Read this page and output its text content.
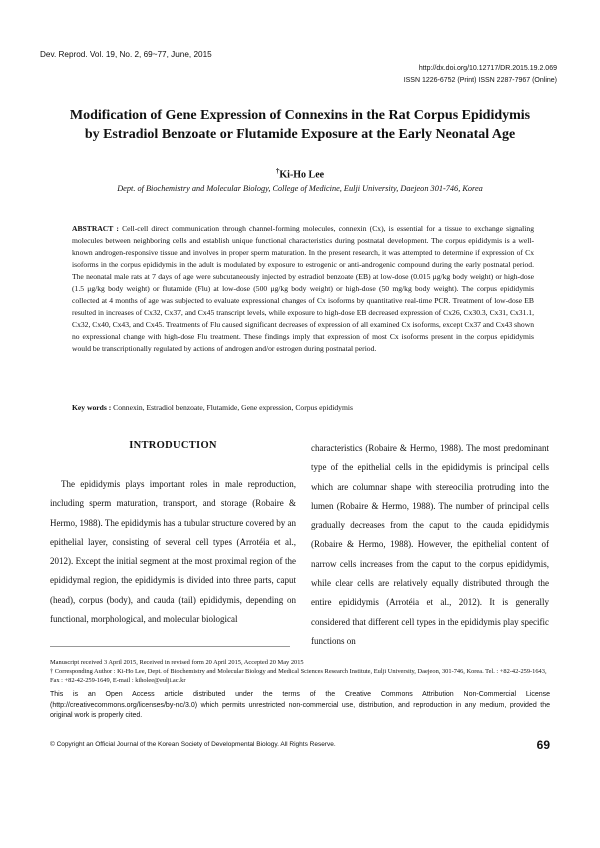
Dev. Reprod. Vol. 19, No. 2, 69~77, June, 2015
http://dx.doi.org/10.12717/DR.2015.19.2.069
ISSN 1226-6752 (Print) ISSN 2287-7967 (Online)
Modification of Gene Expression of Connexins in the Rat Corpus Epididymis
by Estradiol Benzoate or Flutamide Exposure at the Early Neonatal Age
†Ki-Ho Lee
Dept. of Biochemistry and Molecular Biology, College of Medicine, Eulji University, Daejeon 301-746, Korea
ABSTRACT : Cell-cell direct communication through channel-forming molecules, connexin (Cx), is essential for a tissue to exchange signaling molecules between neighboring cells and establish unique functional characteristics during postnatal development. The corpus epididymis is a well-known androgen-responsive tissue and involves in proper sperm maturation. In the present research, it was attempted to determine if expression of Cx isoforms in the corpus epididymis in the adult is modulated by exposure to estrogenic or anti-androgenic compound during the early postnatal period. The neonatal male rats at 7 days of age were subcutaneously injected by estradiol benzoate (EB) at low-dose (0.015 μg/kg body weight) or high-dose (1.5 μg/kg body weight) or flutamide (Flu) at low-dose (500 μg/kg body weight) or high-dose (50 mg/kg body weight). The corpus epididymis collected at 4 months of age was subjected to evaluate expressional changes of Cx isoforms by quantitative real-time PCR. Treatment of low-dose EB resulted in increases of Cx32, Cx37, and Cx45 transcript levels, while exposure to high-dose EB decreased expression of Cx26, Cx30.3, Cx31, Cx31.1, Cx32, Cx40, Cx43, and Cx45. Treatments of Flu caused significant decreases of expression of all examined Cx isoforms, except Cx37 and Cx43 shown no expressional change with high-dose Flu treatment. These findings imply that expression of most Cx isoforms present in the corpus epididymis would be transcriptionally regulated by actions of androgen and/or estrogen during postnatal period.
Key words : Connexin, Estradiol benzoate, Flutamide, Gene expression, Corpus epididymis
INTRODUCTION
The epididymis plays important roles in male reproduction, including sperm maturation, transport, and storage (Robaire & Hermo, 1988). The epididymis has a tubular structure covered by an epithelial layer, consisting of several cell types (Arrotéia et al., 2012). Except the initial segment at the most proximal region of the epididymal region, the epididymis is divided into three parts, caput (head), corpus (body), and cauda (tail) epididymis, depending on functional, morphological, and molecular biological
characteristics (Robaire & Hermo, 1988). The most predominant type of the epithelial cells in the epididymis is principal cells which are columnar shape with stereocilia protruding into the lumen (Robaire & Hermo, 1988). The number of principal cells gradually decreases from the caput to the cauda epididymis (Robaire & Hermo, 1988). However, the epithelial content of narrow cells increases from the caput to the corpus epididymis, while clear cells are relatively equally distributed through the entire epididymis (Arrotéia et al., 2012). It is generally considered that different cell types in the epididymis play specific functions on
Manuscript received 3 April 2015, Received in revised form 20 April 2015, Accepted 20 May 2015
† Corresponding Author : Ki-Ho Lee, Dept. of Biochemistry and Molecular Biology and Medical Sciences Research Institute, Eulji University, Daejeon, 301-746, Korea. Tel. : +82-42-259-1643, Fax : +82-42-259-1649, E-mail : kiholee@eulji.ac.kr
This is an Open Access article distributed under the terms of the Creative Commons Attribution Non-Commercial License (http://creativecommons.org/licenses/by-nc/3.0) which permits unrestricted non-commercial use, distribution, and reproduction in any medium, provided the original work is properly cited.
© Copyright an Official Journal of the Korean Society of Developmental Biology. All Rights Reserve.	69
